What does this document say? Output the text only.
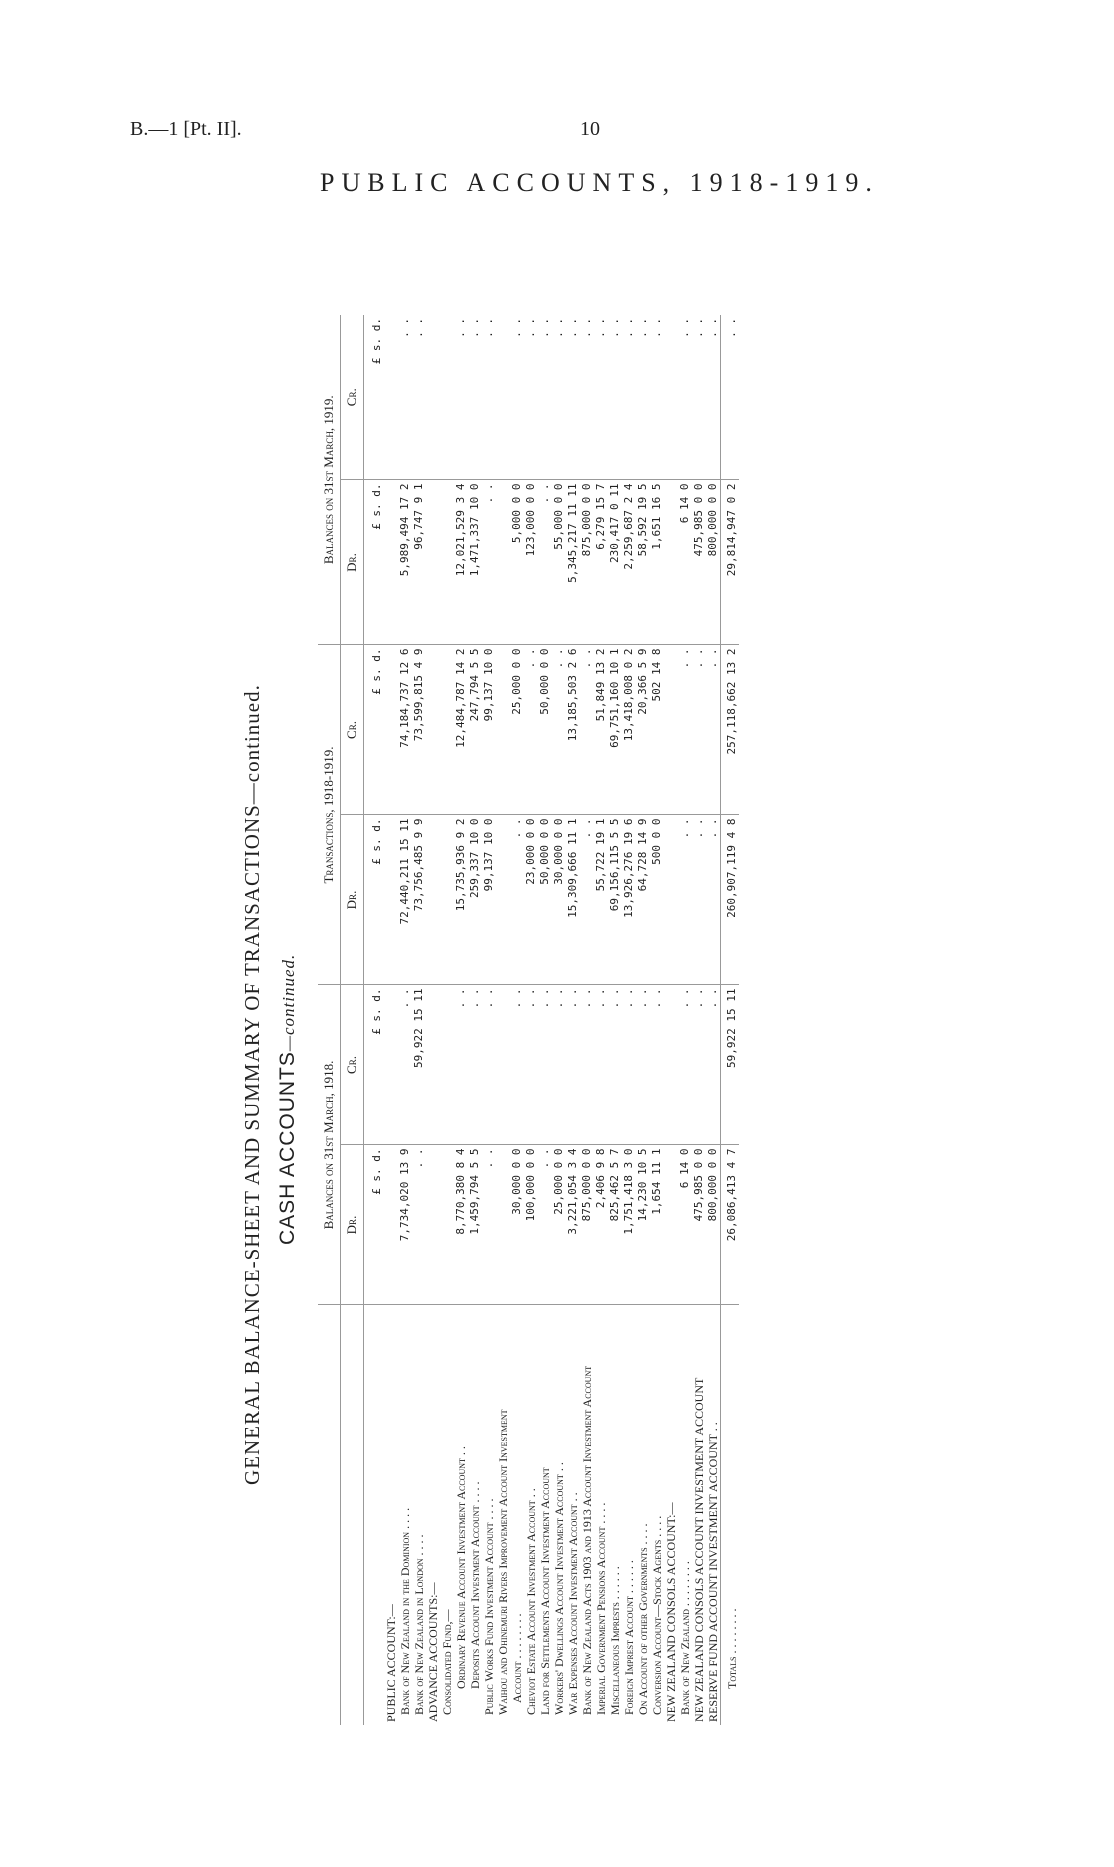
B.—1 [Pt. II].	10
PUBLIC ACCOUNTS, 1918-1919.
GENERAL BALANCE-SHEET AND SUMMARY OF TRANSACTIONS—continued. CASH ACCOUNTS—continued.
	Balances on 31st March, 1918.		Transactions, 1918-1919.		Balances on 31st March, 1919.	
	Dr.	Cr.	Dr.	Cr.	Dr.	Cr.
	£ s. d.	£ s. d.	£ s. d.	£ s. d.	£ s. d.	£ s. d.
PUBLIC ACCOUNT:—						
Bank of New Zealand in the Dominion . . . .	7,734,020 13 9	. .	72,440,211 15 11	74,184,737 12 6	5,989,494 17 2	. .
Bank of New Zealand in London . . . .	. .	59,922 15 11	73,756,485 9 9	73,599,815 4 9	96,747 9 1	. .
ADVANCE ACCOUNTS:—						
Consolidated Fund,—						
Ordinary Revenue Account Investment Account . .	8,770,380 8 4	. .	15,735,936 9 2	12,484,787 14 2	12,021,529 3 4	. .
Deposits Account Investment Account . . . .	1,459,794 5 5	. .	259,337 10 0	247,794 5 5	1,471,337 10 0	. .
Public Works Fund Investment Account . . . .	. .	. .	99,137 10 0	99,137 10 0	. .	. .
Waihou and Ohinemuri Rivers Improvement Account Investment						
Account . . . . . . . .	30,000 0 0	. .	. .	25,000 0 0	5,000 0 0	. .
Cheviot Estate Account Investment Account . .	100,000 0 0	. .	23,000 0 0	. .	123,000 0 0	. .
Land for Settlements Account Investment Account	. .	. .	50,000 0 0	50,000 0 0	. .	. .
Workers' Dwellings Account Investment Account . .	25,000 0 0	. .	30,000 0 0	. .	55,000 0 0	. .
War Expenses Account Investment Account . .	3,221,054 3 4	. .	15,309,666 11 1	13,185,503 2 6	5,345,217 11 11	. .
Bank of New Zealand Acts 1903 and 1913 Account Investment Account	875,000 0 0	. .	. .	. .	875,000 0 0	. .
Imperial Government Pensions Account . . . .	2,406 9 8	. .	55,722 19 1	51,849 13 2	6,279 15 7	. .
Miscellaneous Imprests . . . . . .	825,462 5 7	. .	69,156,115 5 5	69,751,160 10 1	230,417 0 11	. .
Foreign Imprest Account . . . . . .	1,751,418 3 0	. .	13,926,276 19 6	13,418,008 0 2	2,259,687 2 4	. .
On Account of other Governments . . . .	14,230 10 5	. .	64,728 14 9	20,366 5 9	58,592 19 5	. .
Conversion Account—Stock Agents . . . .	1,654 11 1	. .	500 0 0	502 14 8	1,651 16 5	. .
NEW ZEALAND CONSOLS ACCOUNT:—						
Bank of New Zealand . . . . . . . .	6 14 0	. .	. .	. .	6 14 0	. .
NEW ZEALAND CONSOLS ACCOUNT INVESTMENT ACCOUNT	475,985 0 0	. .	. .	. .	475,985 0 0	. .
RESERVE FUND ACCOUNT INVESTMENT ACCOUNT . .	800,000 0 0	. .	. .	. .	800,000 0 0	. .
Totals . . . . . . . .	26,086,413 4 7	59,922 15 11	260,907,119 4 8	257,118,662 13 2	29,814,947 0 2	. .
